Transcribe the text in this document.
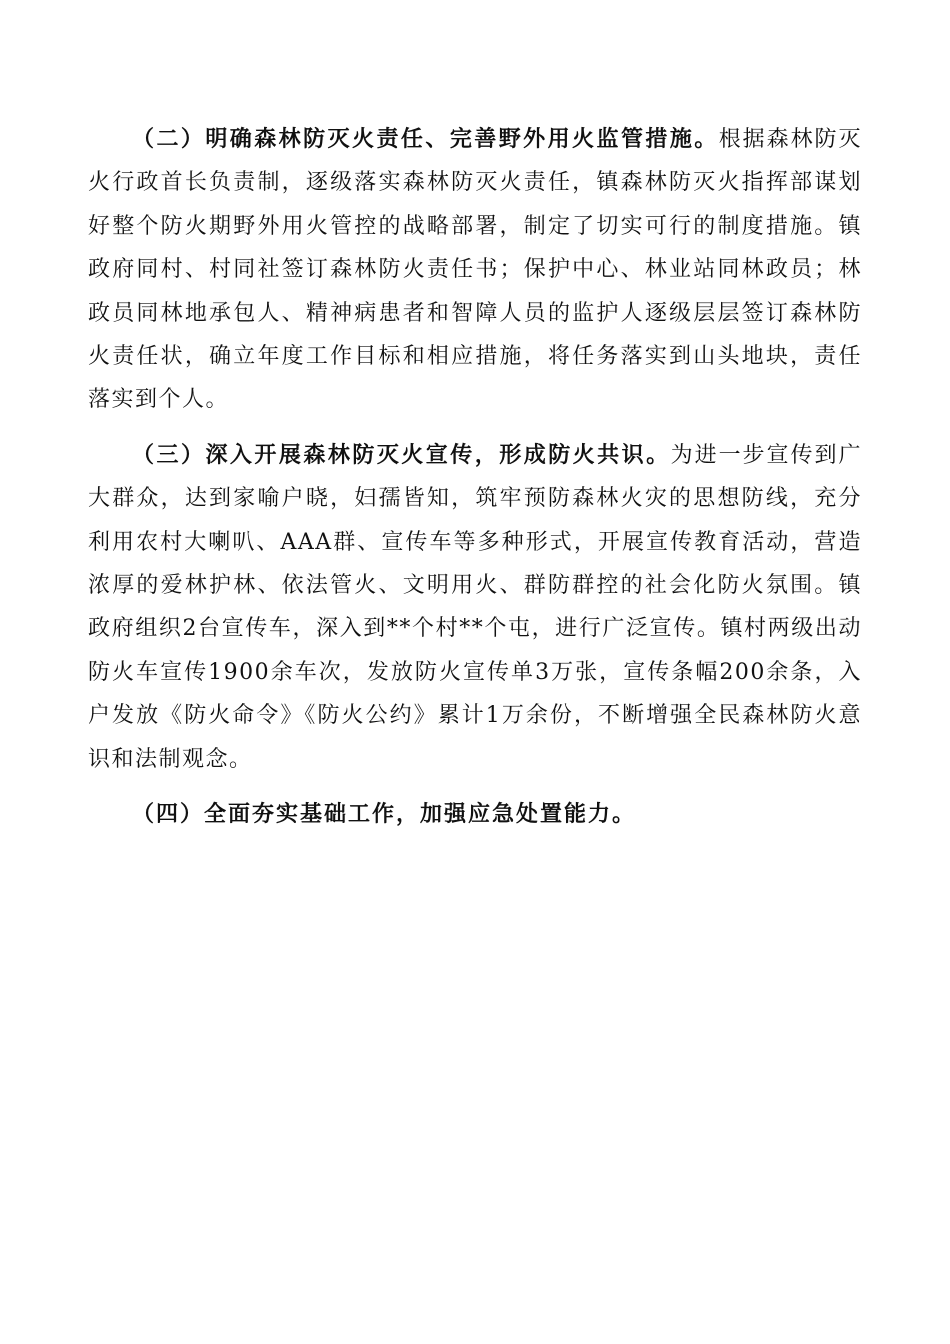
（二）明确森林防灭火责任、完善野外用火监管措施。根据森林防灭火行政首长负责制，逐级落实森林防灭火责任，镇森林防灭火指挥部谋划好整个防火期野外用火管控的战略部署，制定了切实可行的制度措施。镇政府同村、村同社签订森林防火责任书；保护中心、林业站同林政员；林政员同林地承包人、精神病患者和智障人员的监护人逐级层层签订森林防火责任状，确立年度工作目标和相应措施，将任务落实到山头地块，责任落实到个人。

（三）深入开展森林防灭火宣传，形成防火共识。为进一步宣传到广大群众，达到家喻户晓，妇孺皆知，筑牢预防森林火灾的思想防线，充分利用农村大喇叭、AAA群、宣传车等多种形式，开展宣传教育活动，营造浓厚的爱林护林、依法管火、文明用火、群防群控的社会化防火氛围。镇政府组织2台宣传车，深入到**个村**个屯，进行广泛宣传。镇村两级出动防火车宣传1900余车次，发放防火宣传单3万张，宣传条幅200余条，入户发放《防火命令》《防火公约》累计1万余份，不断增强全民森林防火意识和法制观念。

（四）全面夯实基础工作，加强应急处置能力。
